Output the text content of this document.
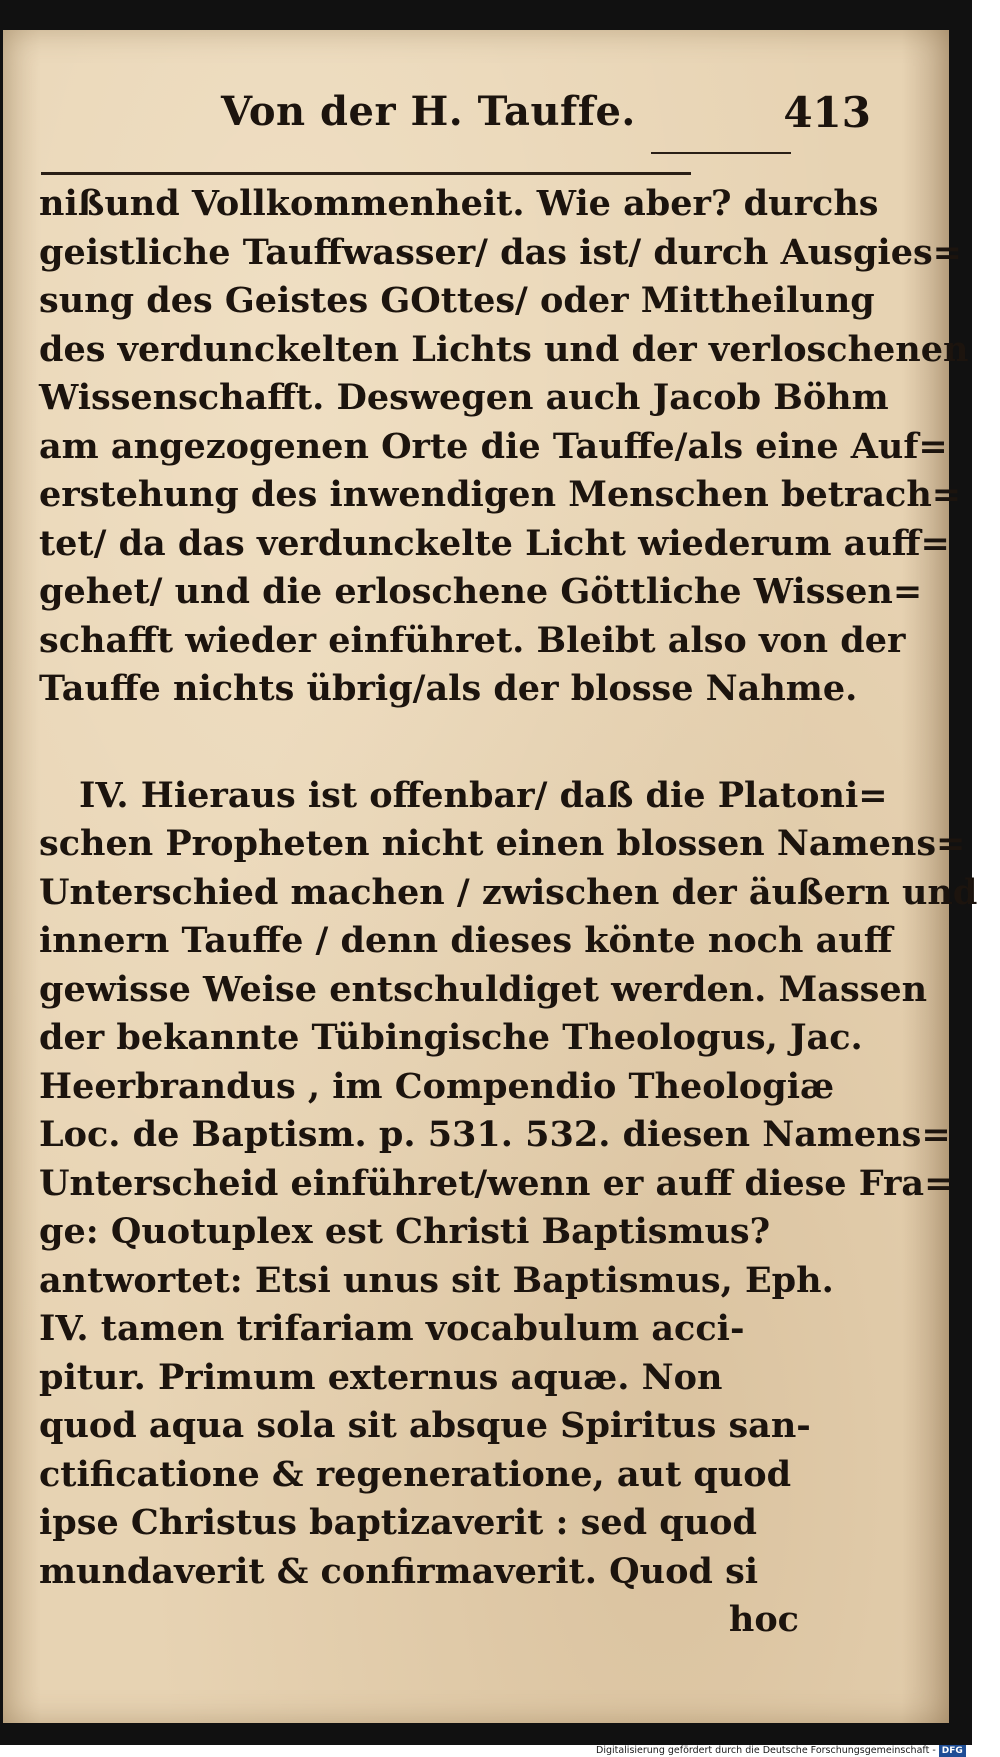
Von der H. Tauffe.	413
nißund Vollkommenheit. Wie aber? durchs
geistliche Tauffwasser/ das ist/ durch Ausgies=
sung des Geistes GOttes/ oder Mittheilung
des verdunckelten Lichts und der verloschenen
Wissenschafft. Deswegen auch Jacob Böhm
am angezogenen Orte die Tauffe/als eine Auf=
erstehung des inwendigen Menschen betrach=
tet/ da das verdunckelte Licht wiederum auff=
gehet/ und die erloschene Göttliche Wissen=
schafft wieder einführet. Bleibt also von der
Tauffe nichts übrig/als der blosse Nahme.
IV. Hieraus ist offenbar/ daß die Platoni=
schen Propheten nicht einen blossen Namens=
Unterschied machen / zwischen der äußern und
innern Tauffe / denn dieses könte noch auff
gewisse Weise entschuldiget werden. Massen
der bekannte Tübingische Theologus, Jac.
Heerbrandus , im Compendio Theologiæ
Loc. de Baptism. p. 531. 532. diesen Namens=
Unterscheid einführet/wenn er auff diese Fra=
ge: Quotuplex est Christi Baptismus?
antwortet: Etsi unus sit Baptismus, Eph.
IV. tamen trifariam vocabulum acci-
pitur. Primum externus aquæ. Non
quod aqua sola sit absque Spiritus san-
ctificatione & regeneratione, aut quod
ipse Christus baptizaverit : sed quod
mundaverit & confirmaverit. Quod si
hoc
Digitalisierung gefördert durch die Deutsche Forschungsgemeinschaft - DFG
